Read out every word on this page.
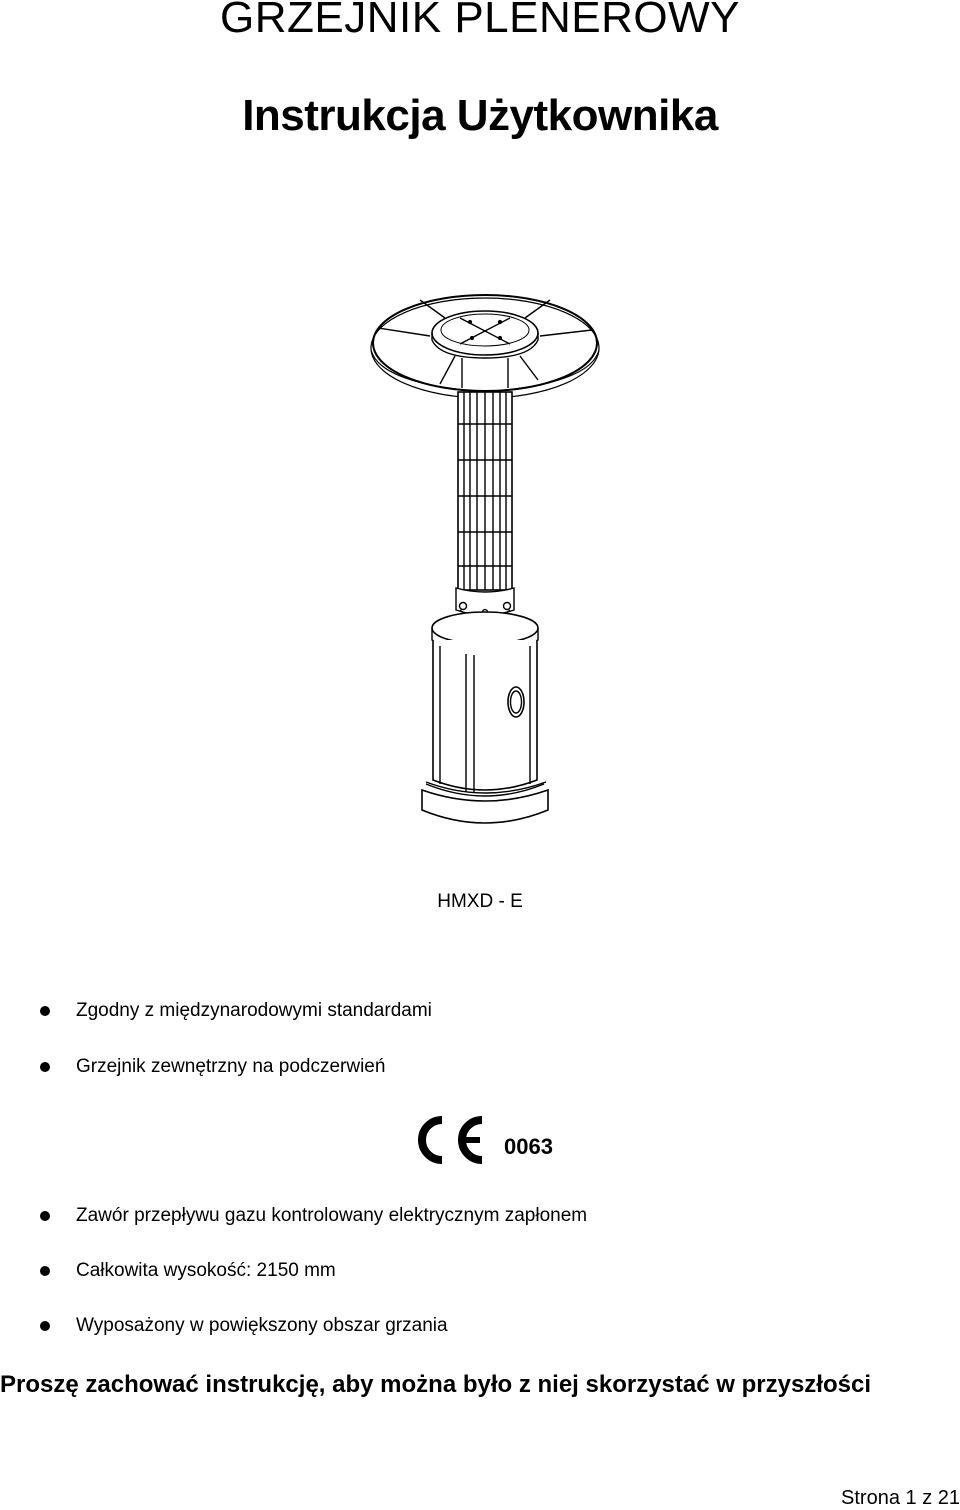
GRZEJNIK PLENEROWY
Instrukcja Użytkownika
HMXD - E
Zgodny z międzynarodowymi standardami
Grzejnik zewnętrzny na podczerwień
0063
Zawór przepływu gazu kontrolowany elektrycznym zapłonem
Całkowita wysokość: 2150 mm
Wyposażony w powiększony obszar grzania
Proszę zachować instrukcję, aby można było z niej skorzystać w przyszłości
Strona 1 z 21
